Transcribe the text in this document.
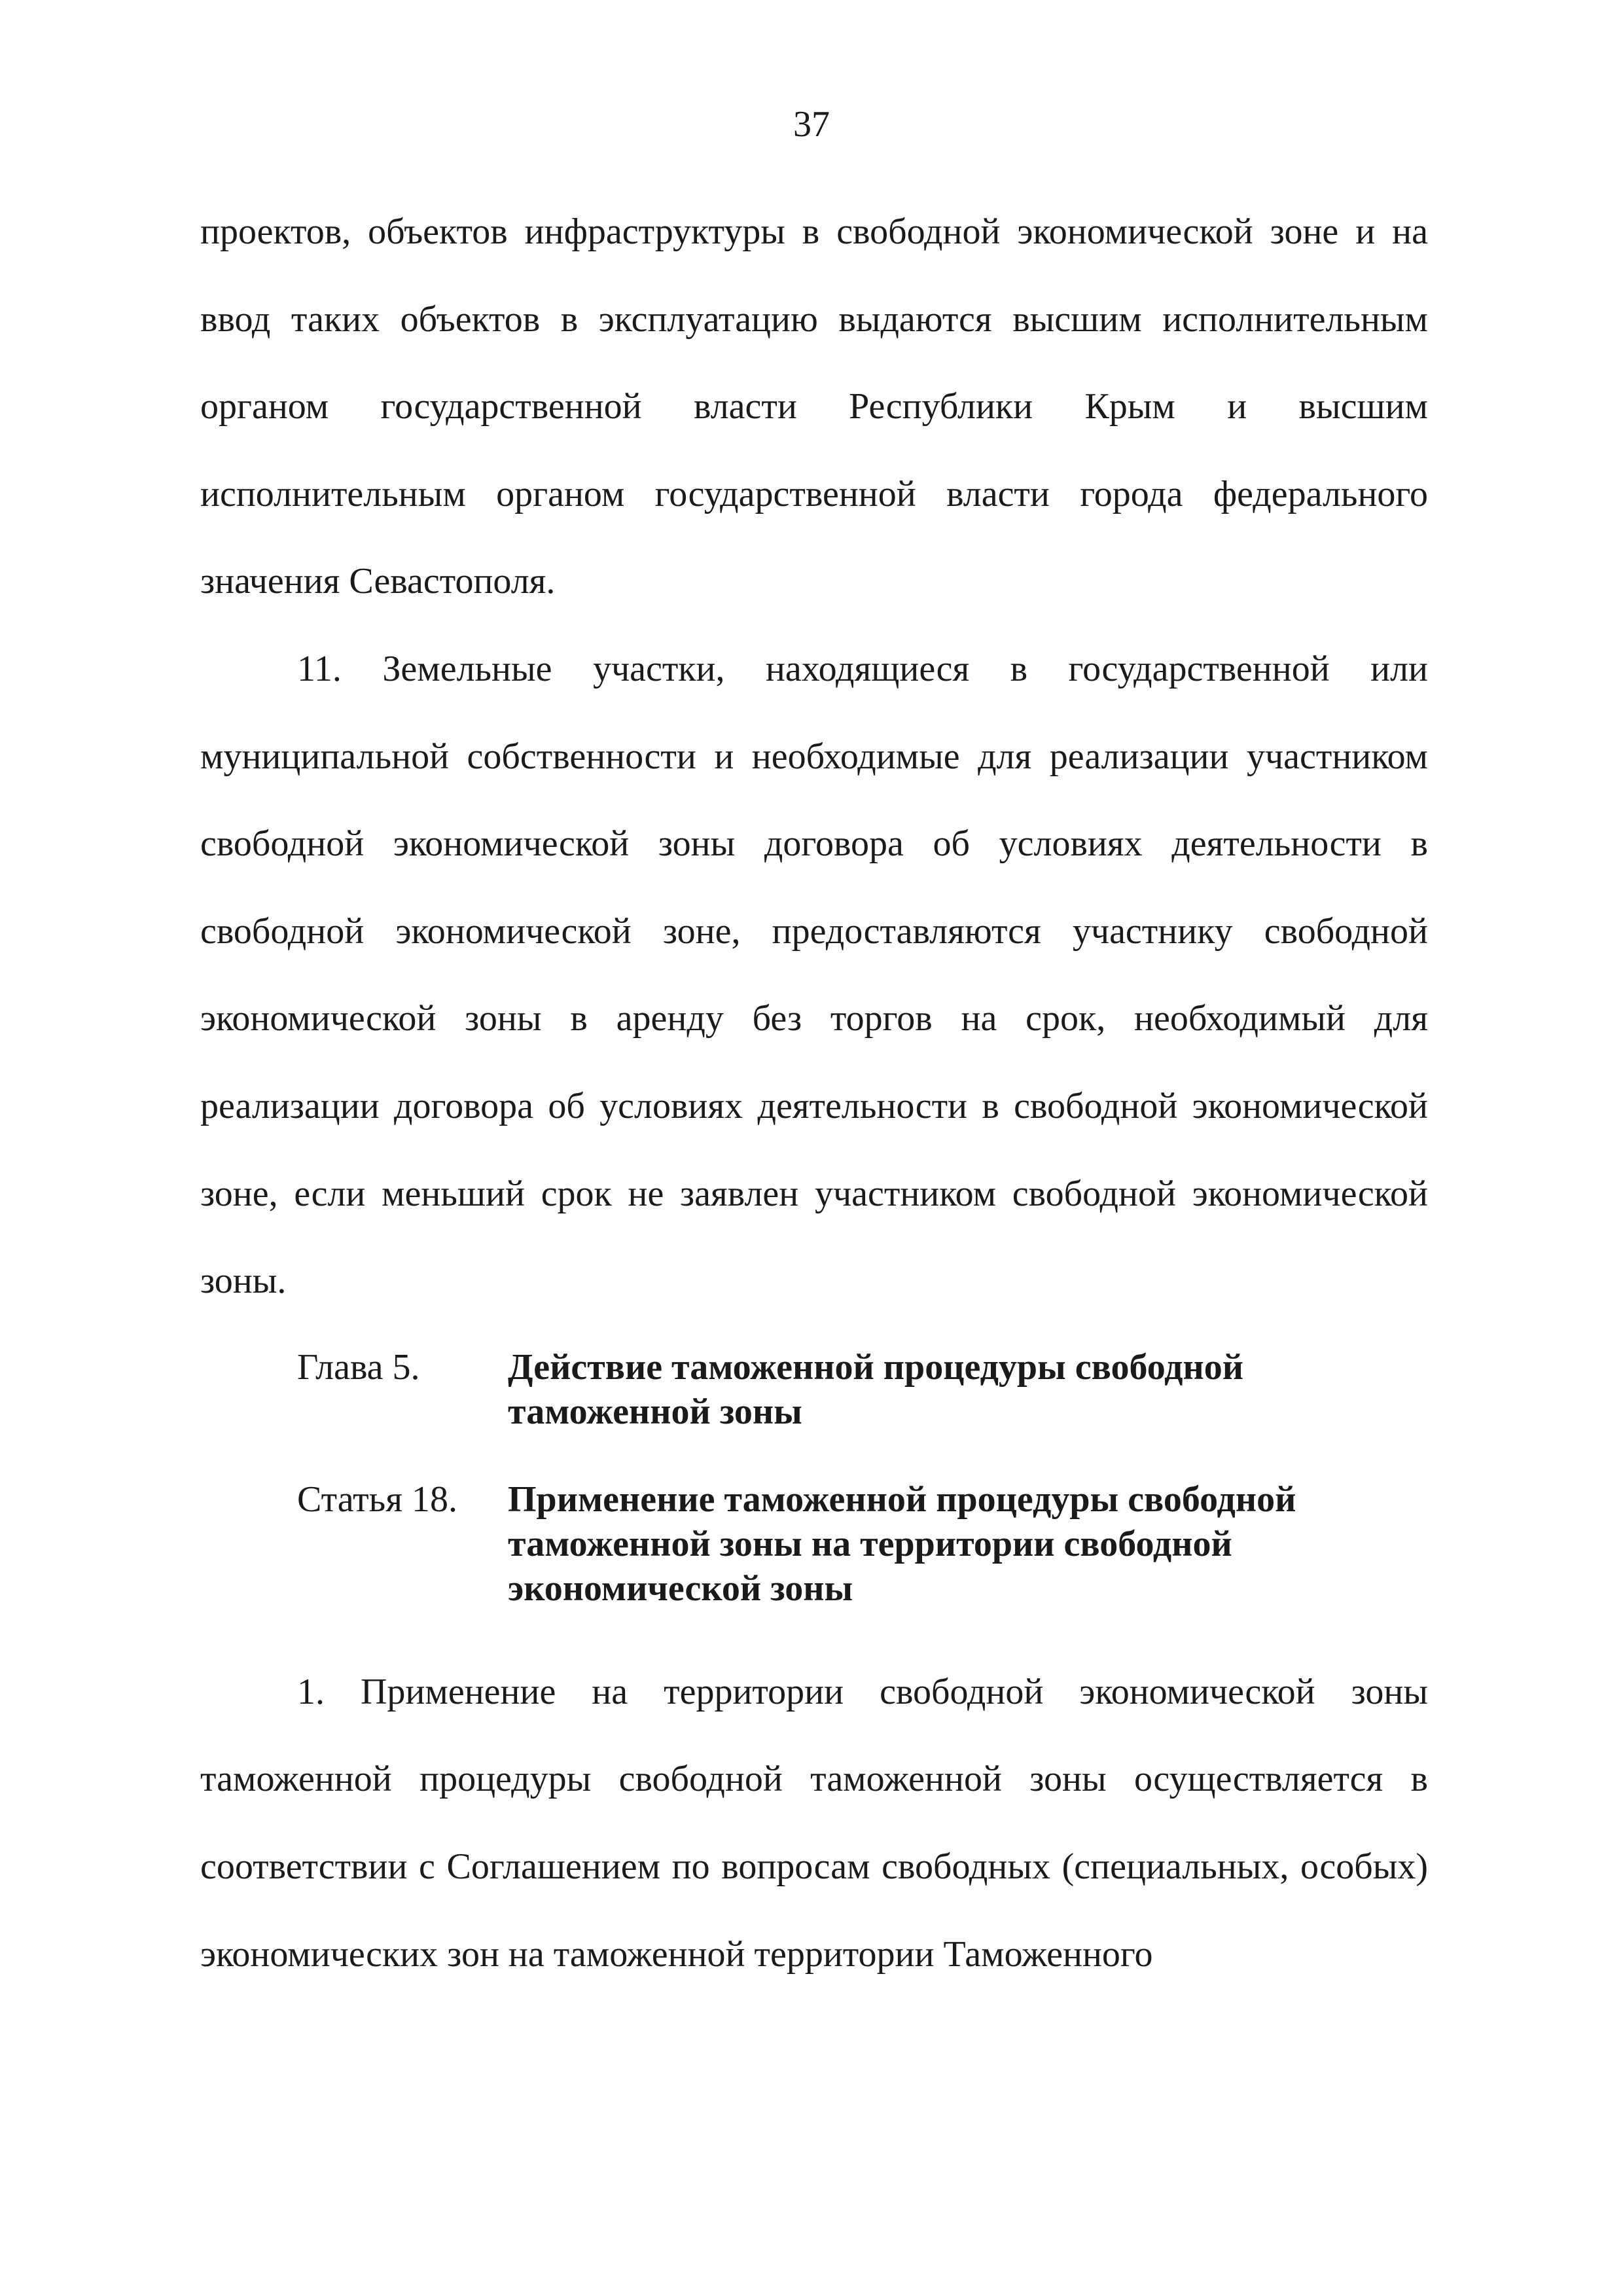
37

проектов, объектов инфраструктуры в свободной экономической зоне и на ввод таких объектов в эксплуатацию выдаются высшим исполнительным органом государственной власти Республики Крым и высшим исполнительным органом государственной власти города федерального значения Севастополя.

11. Земельные участки, находящиеся в государственной или муниципальной собственности и необходимые для реализации участником свободной экономической зоны договора об условиях деятельности в свободной экономической зоне, предоставляются участнику свободной экономической зоны в аренду без торгов на срок, необходимый для реализации договора об условиях деятельности в свободной экономической зоне, если меньший срок не заявлен участником свободной экономической зоны.

Глава 5.	Действие таможенной процедуры свободной таможенной зоны
Статья 18.	Применение таможенной процедуры свободной таможенной зоны на территории свободной экономической зоны

1. Применение на территории свободной экономической зоны таможенной процедуры свободной таможенной зоны осуществляется в соответствии с Соглашением по вопросам свободных (специальных, особых) экономических зон на таможенной территории Таможенного
